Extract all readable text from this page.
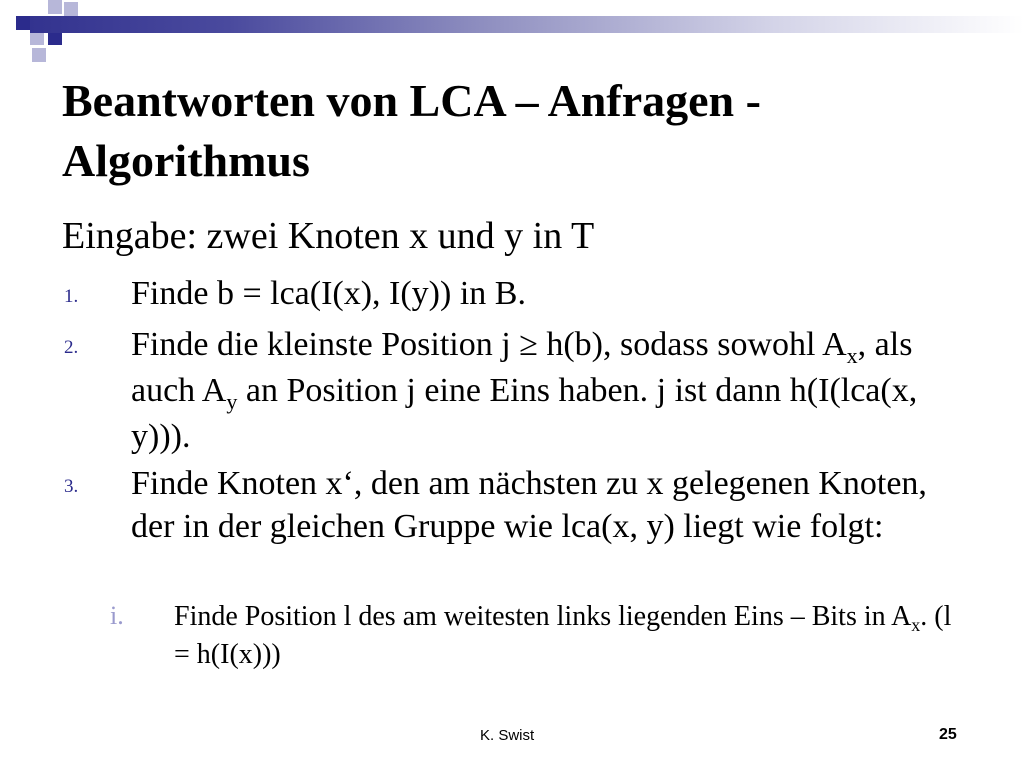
Beantworten von LCA – Anfragen - Algorithmus
Eingabe: zwei Knoten x und y in T
1. Finde b = lca(I(x), I(y)) in B.
2. Finde die kleinste Position j ≥ h(b), sodass sowohl $A_x$, als auch $A_y$ an Position j eine Eins haben. j ist dann h(I(lca(x, y))).
3. Finde Knoten x‘, den am nächsten zu x gelegenen Knoten, der in der gleichen Gruppe wie lca(x, y) liegt wie folgt:
i. Finde Position l des am weitesten links liegenden Eins – Bits in $A_x$. (l = h(I(x)))
K. Swist	25
